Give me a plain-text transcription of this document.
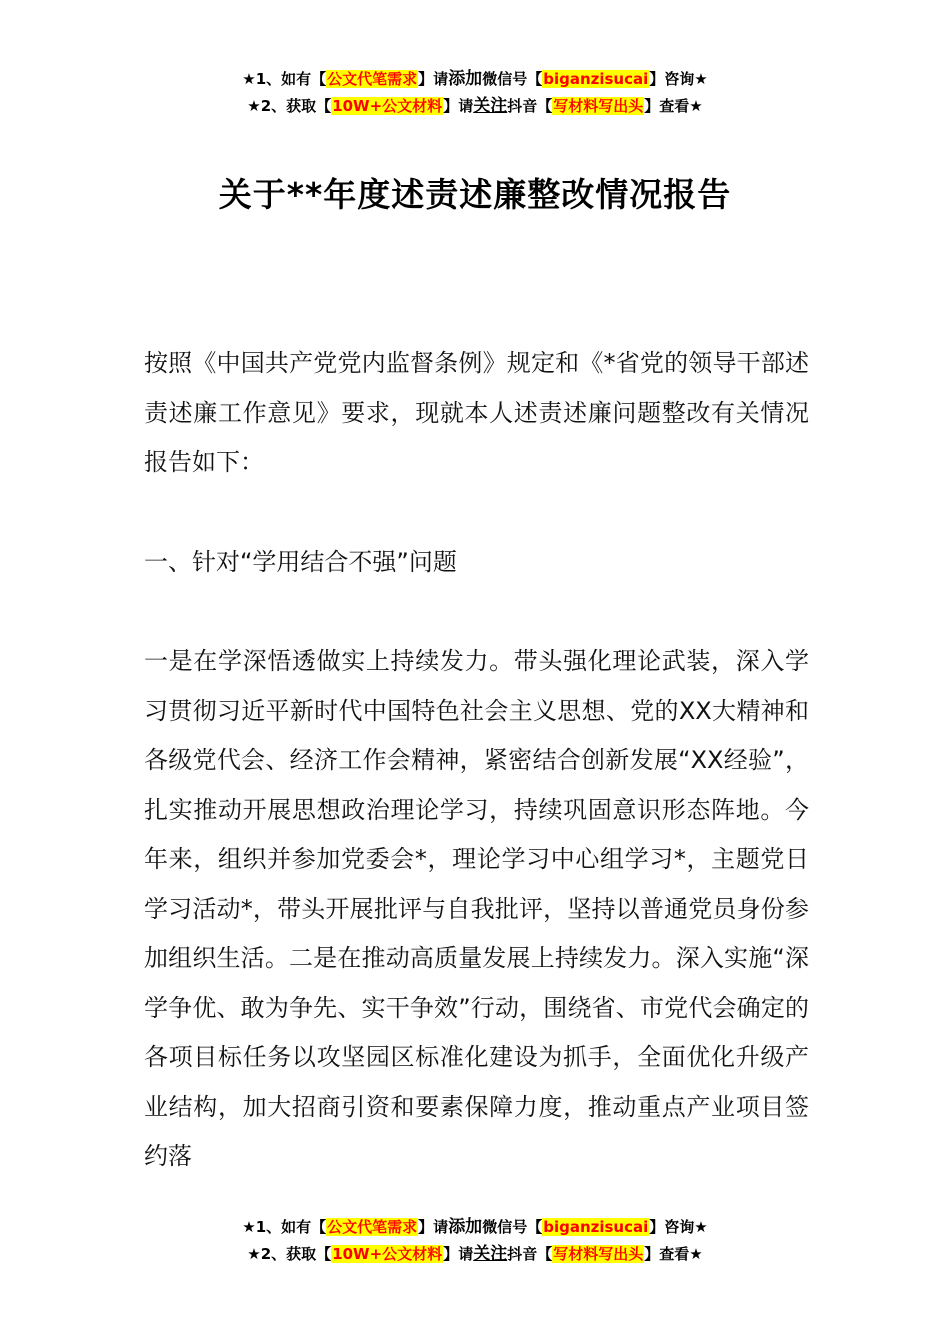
★1、如有【公文代笔需求】请添加微信号【biganzisucai】咨询★
★2、获取【10W+公文材料】请关注抖音【写材料写出头】查看★
关于**年度述责述廉整改情况报告

按照《中国共产党党内监督条例》规定和《*省党的领导干部述责述廉工作意见》要求，现就本人述责述廉问题整改有关情况报告如下：

一、针对“学用结合不强”问题

一是在学深悟透做实上持续发力。带头强化理论武装，深入学习贯彻习近平新时代中国特色社会主义思想、党的XX大精神和各级党代会、经济工作会精神，紧密结合创新发展“XX经验”，扎实推动开展思想政治理论学习，持续巩固意识形态阵地。今年来，组织并参加党委会*，理论学习中心组学习*，主题党日学习活动*，带头开展批评与自我批评，坚持以普通党员身份参加组织生活。二是在推动高质量发展上持续发力。深入实施“深学争优、敢为争先、实干争效”行动，围绕省、市党代会确定的各项目标任务以攻坚园区标准化建设为抓手，全面优化升级产业结构，加大招商引资和要素保障力度，推动重点产业项目签约落

★1、如有【公文代笔需求】请添加微信号【biganzisucai】咨询★
★2、获取【10W+公文材料】请关注抖音【写材料写出头】查看★
